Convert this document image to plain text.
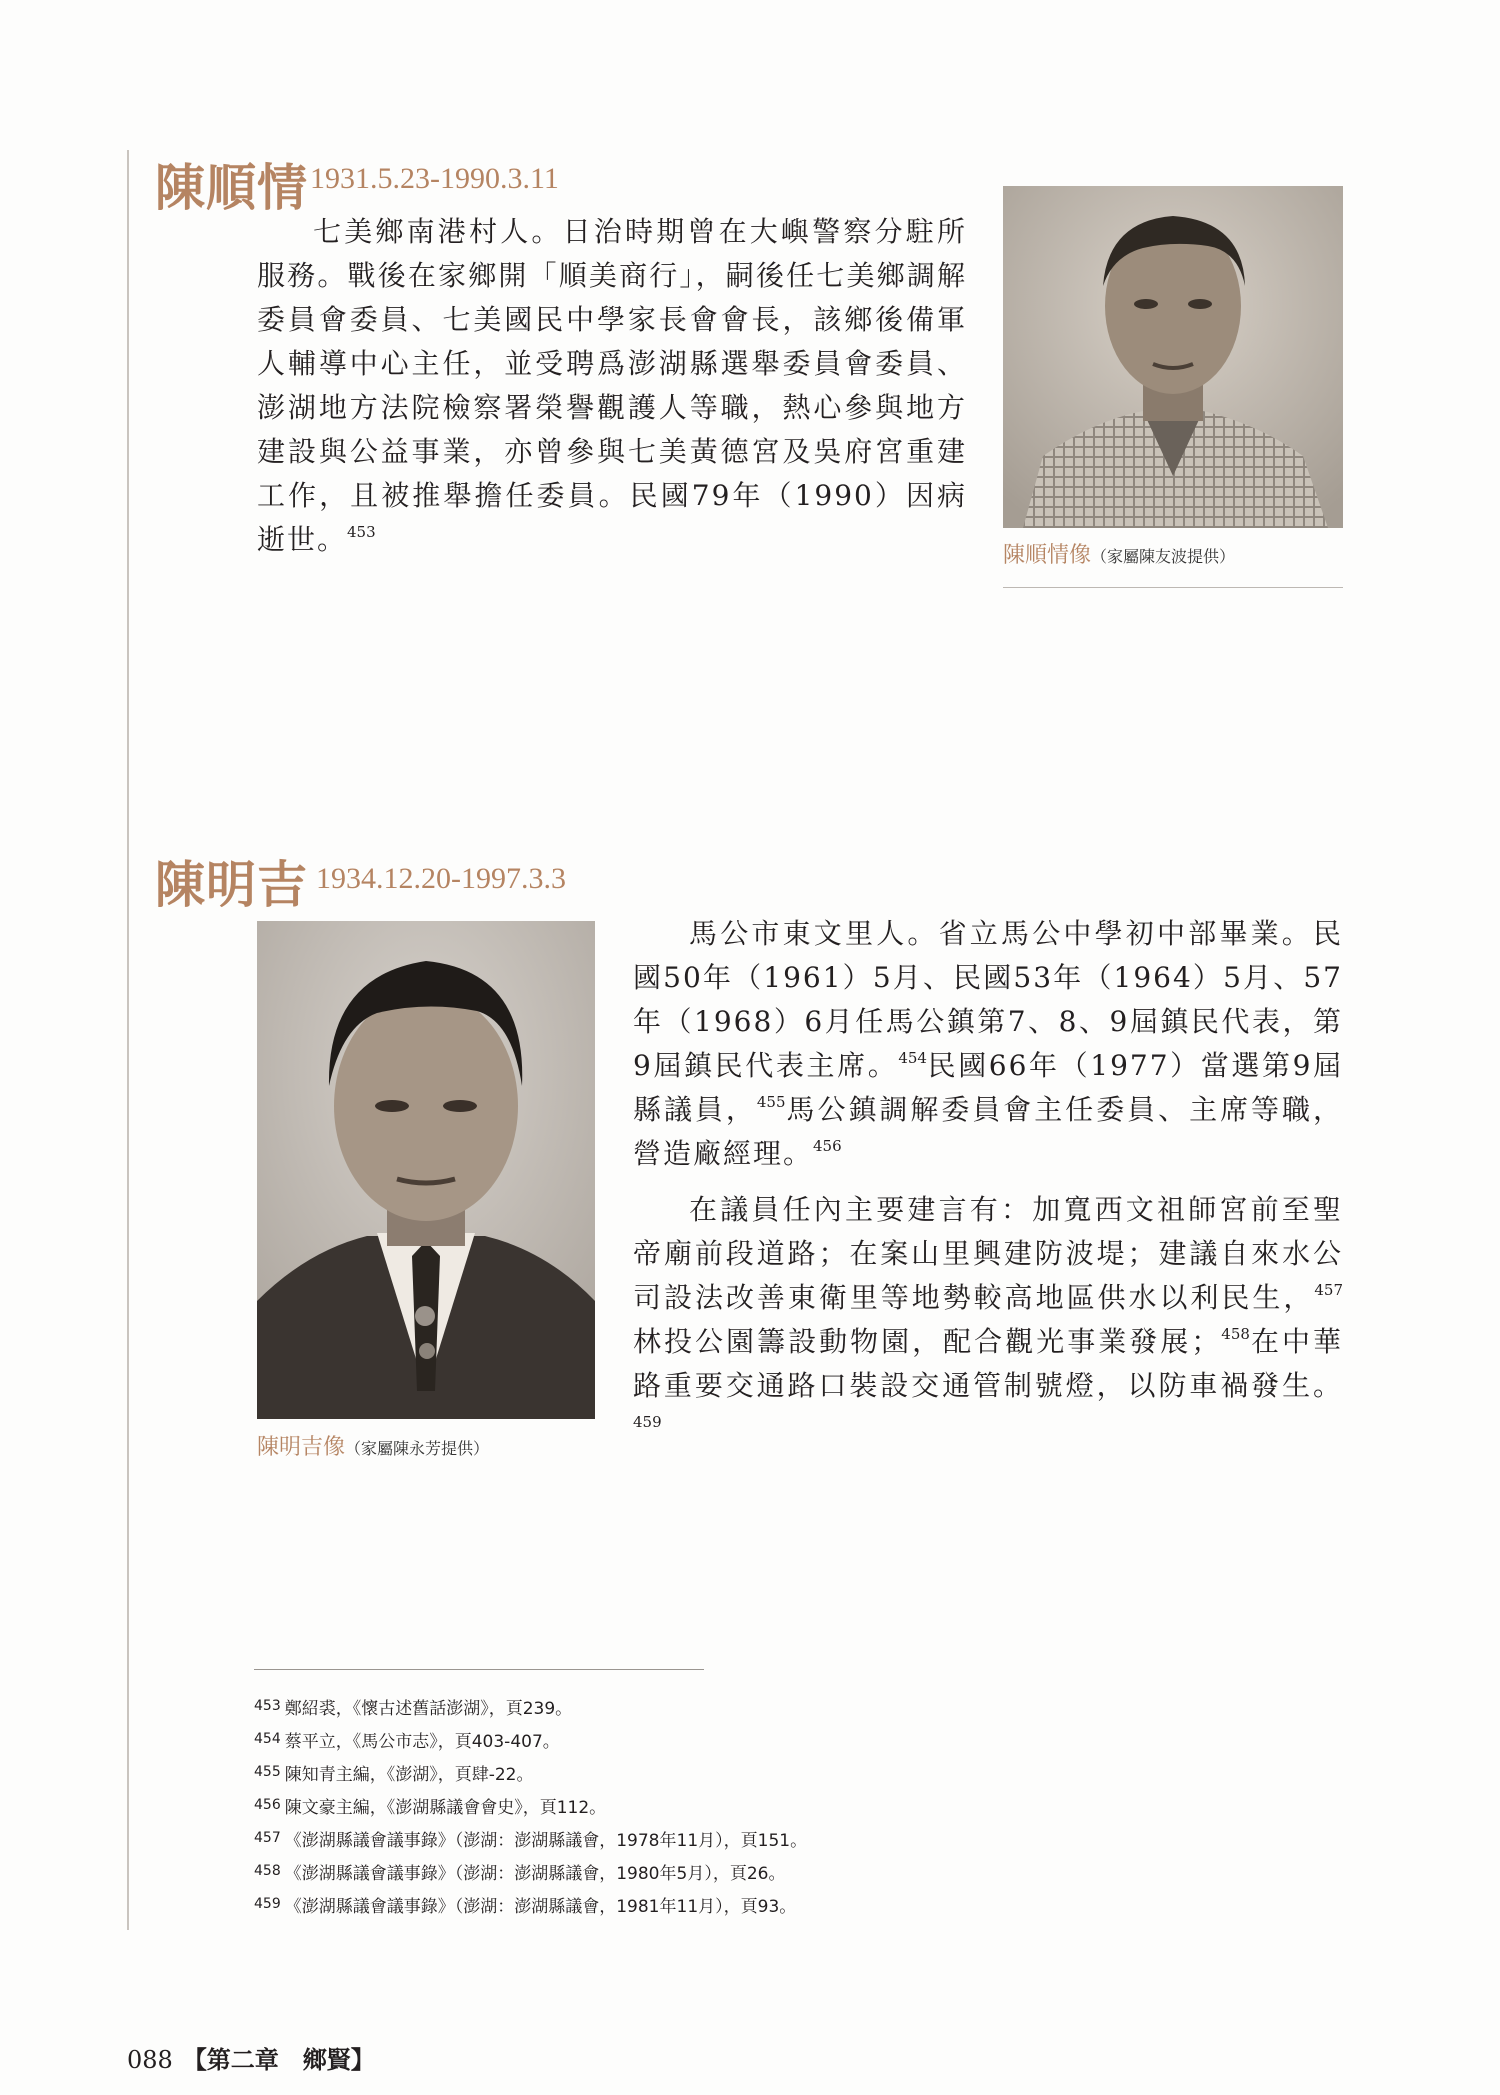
陳順情 1931.5.23-1990.3.11

七美鄉南港村人。日治時期曾在大嶼警察分駐所服務。戰後在家鄉開「順美商行」，嗣後任七美鄉調解委員會委員、七美國民中學家長會會長，該鄉後備軍人輔導中心主任，並受聘爲澎湖縣選舉委員會委員、澎湖地方法院檢察署榮譽觀護人等職，熱心參與地方建設與公益事業，亦曾參與七美黃德宮及吳府宮重建工作，且被推舉擔任委員。民國79年（1990）因病逝世。$^{453}$

陳順情像（家屬陳友波提供）
陳明吉 1934.12.20-1997.3.3
陳明吉像（家屬陳永芳提供）

馬公市東文里人。省立馬公中學初中部畢業。民國50年（1961）5月、民國53年（1964）5月、57年（1968）6月任馬公鎮第7、8、9屆鎮民代表，第9屆鎮民代表主席。$^{454}$民國66年（1977）當選第9屆縣議員，$^{455}$馬公鎮調解委員會主任委員、主席等職，營造廠經理。$^{456}$

在議員任內主要建言有：加寬西文祖師宮前至聖帝廟前段道路；在案山里興建防波堤；建議自來水公司設法改善東衛里等地勢較高地區供水以利民生，$^{457}$林投公園籌設動物園，配合觀光事業發展；$^{458}$在中華路重要交通路口裝設交通管制號燈，以防車禍發生。$^{459}$

$^{453}$ 鄭紹裘，《懷古述舊話澎湖》，頁239。
$^{454}$ 蔡平立，《馬公市志》，頁403-407。
$^{455}$ 陳知青主編，《澎湖》，頁肆-22。
$^{456}$ 陳文豪主編，《澎湖縣議會會史》，頁112。
$^{457}$ 《澎湖縣議會議事錄》（澎湖：澎湖縣議會，1978年11月），頁151。
$^{458}$ 《澎湖縣議會議事錄》（澎湖：澎湖縣議會，1980年5月），頁26。
$^{459}$ 《澎湖縣議會議事錄》（澎湖：澎湖縣議會，1981年11月），頁93。
088 【第二章　鄉賢】
